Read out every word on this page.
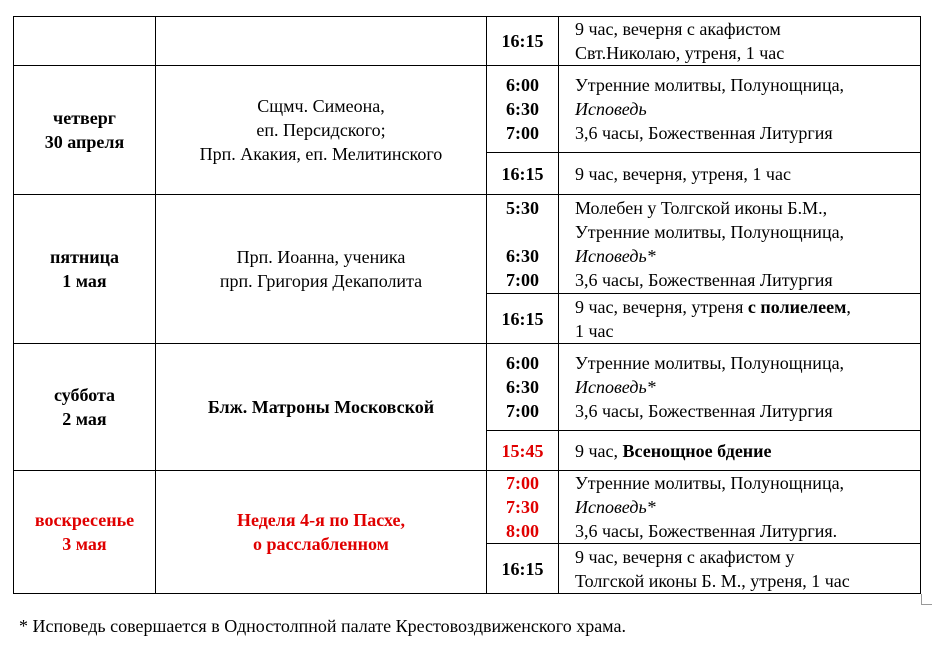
		16:15	9 час, вечерня с акафистом
Свт.Николаю, утреня, 1 час

четверг
30 апреля	Сщмч. Симеона,
еп. Персидского;
Прп. Акакия, еп. Мелитинского	6:00
6:30
7:00	Утренние молитвы, Полунощница,
Исповедь
3,6 часы, Божественная Литургия

		16:15	9 час, вечерня, утреня, 1 час

пятница
1 мая	Прп. Иоанна, ученика
прп. Григория Декаполита	5:30

6:30
7:00	Молебен у Толгской иконы Б.М.,
Утренние молитвы, Полунощница,
Исповедь*
3,6 часы, Божественная Литургия

		16:15	9 час, вечерня, утреня с полиелеем,
1 час

суббота
2 мая	Блж. Матроны Московской	6:00
6:30
7:00	Утренние молитвы, Полунощница,
Исповедь*
3,6 часы, Божественная Литургия

		15:45	9 час, Всенощное бдение

воскресенье
3 мая	Неделя 4-я по Пасхе,
о расслабленном	7:00
7:30
8:00	Утренние молитвы, Полунощница,
Исповедь*
3,6 часы, Божественная Литургия.

		16:15	9 час, вечерня с акафистом у
Толгской иконы Б. М., утреня, 1 час
* Исповедь совершается в Одностолпной палате Крестовоздвиженского храма.
